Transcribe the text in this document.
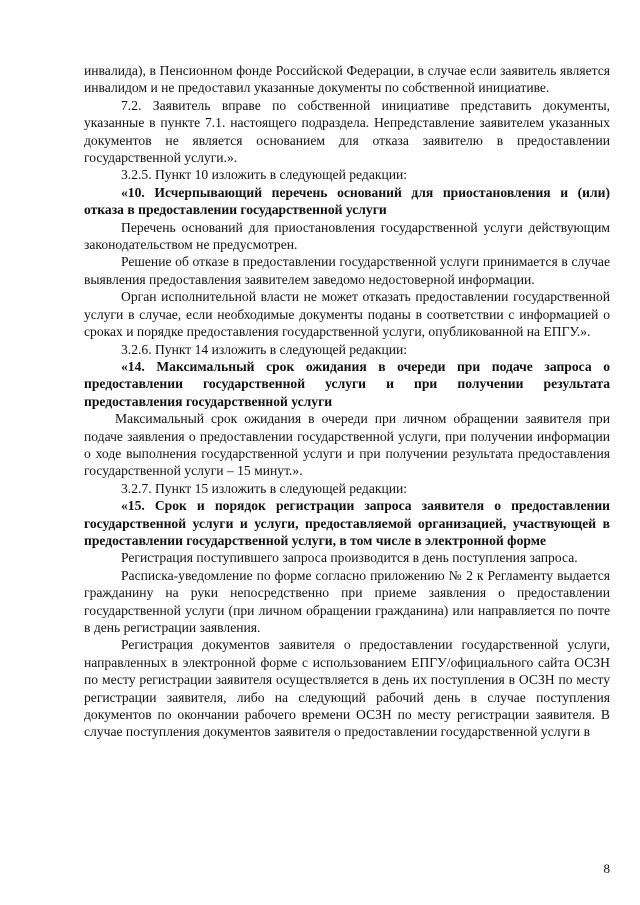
инвалида), в Пенсионном фонде Российской Федерации, в случае если заявитель является инвалидом и не предоставил указанные документы по собственной инициативе.

7.2. Заявитель вправе по собственной инициативе представить документы, указанные в пункте 7.1. настоящего подраздела. Непредставление заявителем указанных документов не является основанием для отказа заявителю в предоставлении государственной услуги.».

3.2.5. Пункт 10 изложить в следующей редакции:

«10. Исчерпывающий перечень оснований для приостановления и (или) отказа в предоставлении государственной услуги

Перечень оснований для приостановления государственной услуги действующим законодательством не предусмотрен.

Решение об отказе в предоставлении государственной услуги принимается в случае выявления предоставления заявителем заведомо недостоверной информации.

Орган исполнительной власти не может отказать предоставлении государственной услуги в случае, если необходимые документы поданы в соответствии с информацией о сроках и порядке предоставления государственной услуги, опубликованной на ЕПГУ.».

3.2.6. Пункт 14 изложить в следующей редакции:

«14. Максимальный срок ожидания в очереди при подаче запроса о предоставлении государственной услуги и при получении результата предоставления государственной услуги

Максимальный срок ожидания в очереди при личном обращении заявителя при подаче заявления о предоставлении государственной услуги, при получении информации о ходе выполнения государственной услуги и при получении результата предоставления государственной услуги – 15 минут.».

3.2.7. Пункт 15 изложить в следующей редакции:

«15. Срок и порядок регистрации запроса заявителя о предоставлении государственной услуги и услуги, предоставляемой организацией, участвующей в предоставлении государственной услуги, в том числе в электронной форме

Регистрация поступившего запроса производится в день поступления запроса.

Расписка-уведомление по форме согласно приложению № 2 к Регламенту выдается гражданину на руки непосредственно при приеме заявления о предоставлении государственной услуги (при личном обращении гражданина) или направляется по почте в день регистрации заявления.

Регистрация документов заявителя о предоставлении государственной услуги, направленных в электронной форме с использованием ЕПГУ/официального сайта ОСЗН по месту регистрации заявителя осуществляется в день их поступления в ОСЗН по месту регистрации заявителя, либо на следующий рабочий день в случае поступления документов по окончании рабочего времени ОСЗН по месту регистрации заявителя. В случае поступления документов заявителя о предоставлении государственной услуги в

8
